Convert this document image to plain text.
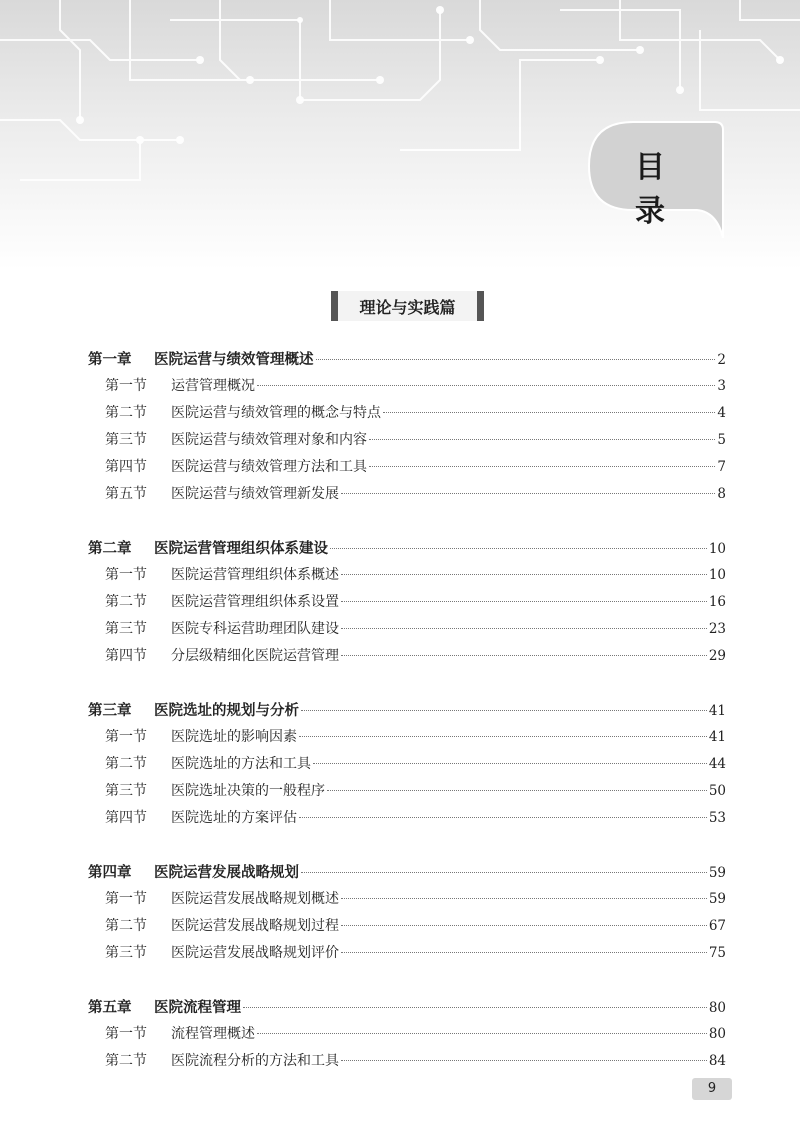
目 录
理论与实践篇
第一章	医院运营与绩效管理概述	2
第一节	运营管理概况	3
第二节	医院运营与绩效管理的概念与特点	4
第三节	医院运营与绩效管理对象和内容	5
第四节	医院运营与绩效管理方法和工具	7
第五节	医院运营与绩效管理新发展	8
第二章	医院运营管理组织体系建设	10
第一节	医院运营管理组织体系概述	10
第二节	医院运营管理组织体系设置	16
第三节	医院专科运营助理团队建设	23
第四节	分层级精细化医院运营管理	29
第三章	医院选址的规划与分析	41
第一节	医院选址的影响因素	41
第二节	医院选址的方法和工具	44
第三节	医院选址决策的一般程序	50
第四节	医院选址的方案评估	53
第四章	医院运营发展战略规划	59
第一节	医院运营发展战略规划概述	59
第二节	医院运营发展战略规划过程	67
第三节	医院运营发展战略规划评价	75
第五章	医院流程管理	80
第一节	流程管理概述	80
第二节	医院流程分析的方法和工具	84
9
